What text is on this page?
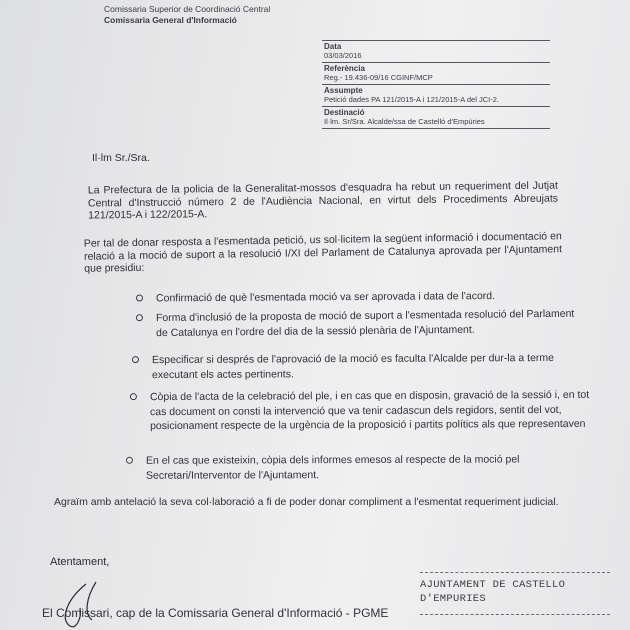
Comissaria Superior de Coordinació Central
Comissaria General d'Informació
Data
03/03/2016
Referència
Reg.- 19.436-09/16 CGINF/MCP
Assumpte
Petició dades PA 121/2015-A i 121/2015-A del JCI-2.
Destinació
Il·lm. Sr/Sra. Alcalde/ssa de Castelló d'Empúries
Il·lm Sr./Sra.
La Prefectura de la policia de la Generalitat-mossos d'esquadra ha rebut un requeriment del Jutjat Central d'Instrucció número 2 de l'Audiència Nacional, en virtut dels Procediments Abreujats 121/2015-A i 122/2015-A.
Per tal de donar resposta a l'esmentada petició, us sol·licitem la següent informació i documentació en relació a la moció de suport a la resolució I/XI del Parlament de Catalunya aprovada per l'Ajuntament que presidiu:
Confirmació de què l'esmentada moció va ser aprovada i data de l'acord.
Forma d'inclusió de la proposta de moció de suport a l'esmentada resolució del Parlament de Catalunya en l'ordre del dia de la sessió plenària de l'Ajuntament.
Especificar si després de l'aprovació de la moció es faculta l'Alcalde per dur-la a terme executant els actes pertinents.
Còpia de l'acta de la celebració del ple, i en cas que en disposin, gravació de la sessió i, en tot cas document on consti la intervenció que va tenir cadascun dels regidors, sentit del vot, posicionament respecte de la urgència de la proposició i partits polítics als que representaven
En el cas que existeixin, còpia dels informes emesos al respecte de la moció pel Secretari/Interventor de l'Ajuntament.
Agraïm amb antelació la seva col·laboració a fi de poder donar compliment a l'esmentat requeriment judicial.
Atentament,
AJUNTAMENT DE CASTELLO
D'EMPURIES
El Comissari, cap de la Comissaria General d'Informació - PGME
